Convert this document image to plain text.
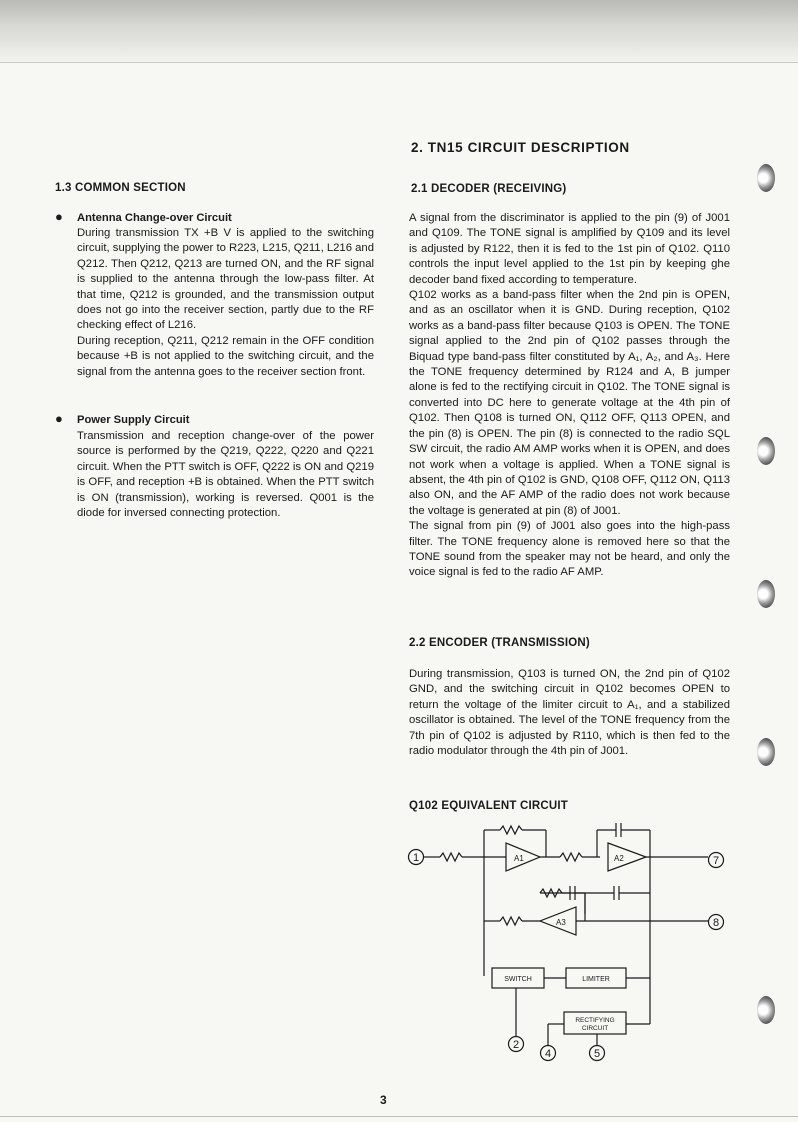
1.3 COMMON SECTION
● Antenna Change-over Circuit

During transmission TX +B V is applied to the switching circuit, supplying the power to R223, L215, Q211, L216 and Q212. Then Q212, Q213 are turned ON, and the RF signal is supplied to the antenna through the low-pass filter. At that time, Q212 is grounded, and the transmission output does not go into the receiver section, partly due to the RF checking effect of L216.
During reception, Q211, Q212 remain in the OFF condition because +B is not applied to the switching circuit, and the signal from the antenna goes to the receiver section front.

● Power Supply Circuit

Transmission and reception change-over of the power source is performed by the Q219, Q222, Q220 and Q221 circuit. When the PTT switch is OFF, Q222 is ON and Q219 is OFF, and reception +B is obtained. When the PTT switch is ON (transmission), working is reversed. Q001 is the diode for inversed connecting protection.

2. TN15 CIRCUIT DESCRIPTION
2.1 DECODER (RECEIVING)

A signal from the discriminator is applied to the pin (9) of J001 and Q109. The TONE signal is amplified by Q109 and its level is adjusted by R122, then it is fed to the 1st pin of Q102. Q110 controls the input level applied to the 1st pin by keeping ghe decoder band fixed according to temperature.
Q102 works as a band-pass filter when the 2nd pin is OPEN, and as an oscillator when it is GND. During reception, Q102 works as a band-pass filter because Q103 is OPEN. The TONE signal applied to the 2nd pin of Q102 passes through the Biquad type band-pass filter constituted by A₁, A₂, and A₃. Here the TONE frequency determined by R124 and A, B jumper alone is fed to the rectifying circuit in Q102. The TONE signal is converted into DC here to generate voltage at the 4th pin of Q102. Then Q108 is turned ON, Q112 OFF, Q113 OPEN, and the pin (8) is OPEN. The pin (8) is connected to the radio SQL SW circuit, the radio AM AMP works when it is OPEN, and does not work when a voltage is applied. When a TONE signal is absent, the 4th pin of Q102 is GND, Q108 OFF, Q112 ON, Q113 also ON, and the AF AMP of the radio does not work because the voltage is generated at pin (8) of J001.
The signal from pin (9) of J001 also goes into the high-pass filter. The TONE frequency alone is removed here so that the TONE sound from the speaker may not be heard, and only the voice signal is fed to the radio AF AMP.

2.2 ENCODER (TRANSMISSION)

During transmission, Q103 is turned ON, the 2nd pin of Q102 GND, and the switching circuit in Q102 becomes OPEN to return the voltage of the limiter circuit to A₁, and a stabilized oscillator is obtained. The level of the TONE frequency from the 7th pin of Q102 is adjusted by R110, which is then fed to the radio modulator through the 4th pin of J001.

Q102 EQUIVALENT CIRCUIT
1	A1	A2	7
A3	8
SWITCH	LIMITER
RECTIFYING
CIRCUIT
2
4	5
3
